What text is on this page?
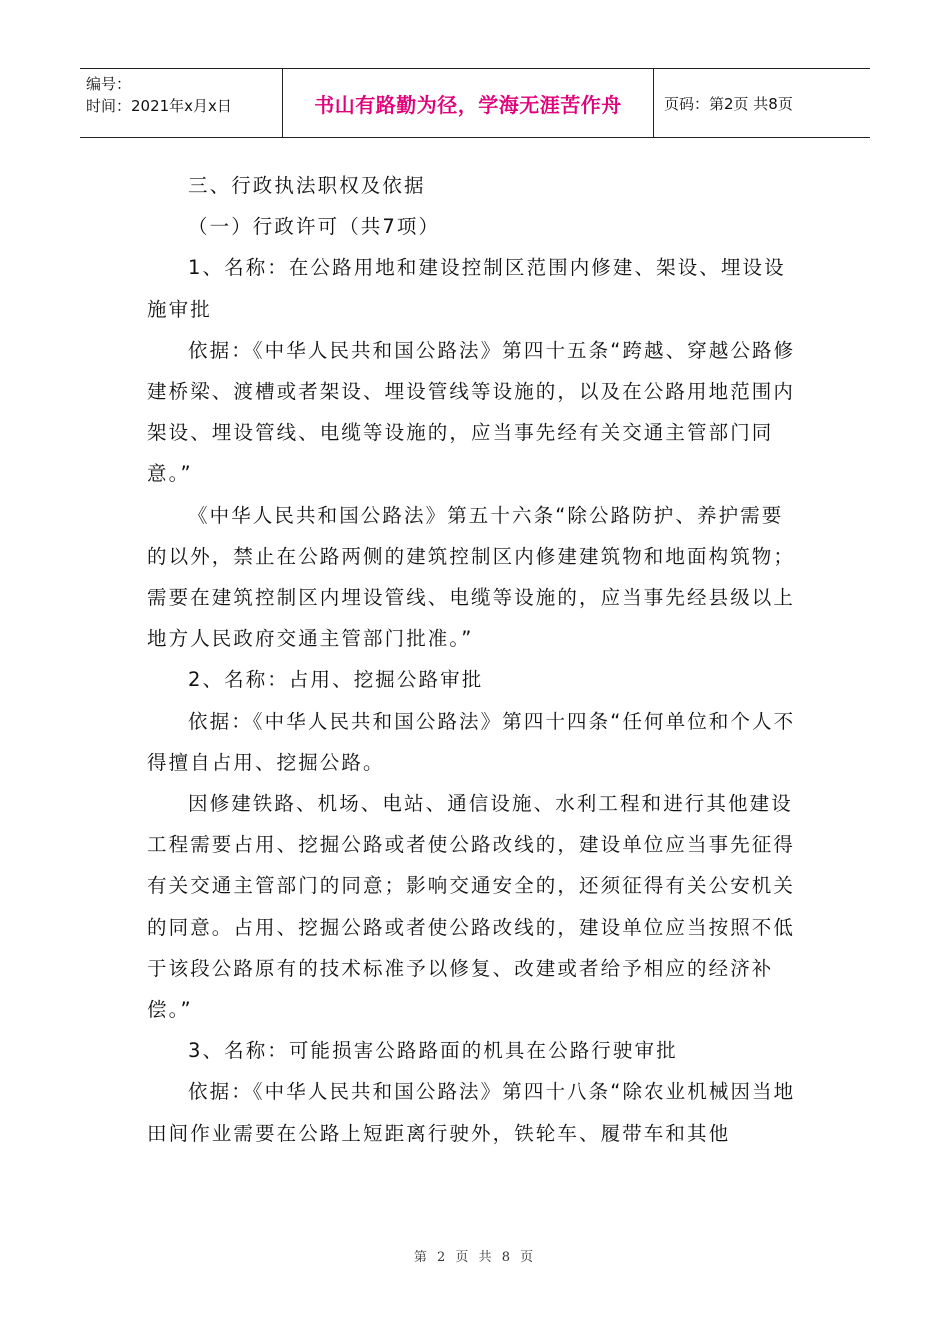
编号：
时间：2021年x月x日	书山有路勤为径，学海无涯苦作舟	页码：第2页 共8页

三、行政执法职权及依据

（一）行政许可（共7项）

1、名称：在公路用地和建设控制区范围内修建、架设、埋设设施审批

依据：《中华人民共和国公路法》第四十五条“跨越、穿越公路修建桥梁、渡槽或者架设、埋设管线等设施的，以及在公路用地范围内架设、埋设管线、电缆等设施的，应当事先经有关交通主管部门同意。”

《中华人民共和国公路法》第五十六条“除公路防护、养护需要的以外，禁止在公路两侧的建筑控制区内修建建筑物和地面构筑物；需要在建筑控制区内埋设管线、电缆等设施的，应当事先经县级以上地方人民政府交通主管部门批准。”

2、名称：占用、挖掘公路审批

依据：《中华人民共和国公路法》第四十四条“任何单位和个人不得擅自占用、挖掘公路。

因修建铁路、机场、电站、通信设施、水利工程和进行其他建设工程需要占用、挖掘公路或者使公路改线的，建设单位应当事先征得有关交通主管部门的同意；影响交通安全的，还须征得有关公安机关的同意。占用、挖掘公路或者使公路改线的，建设单位应当按照不低于该段公路原有的技术标准予以修复、改建或者给予相应的经济补偿。”

3、名称：可能损害公路路面的机具在公路行驶审批

依据：《中华人民共和国公路法》第四十八条“除农业机械因当地田间作业需要在公路上短距离行驶外，铁轮车、履带车和其他

第 2 页 共 8 页
